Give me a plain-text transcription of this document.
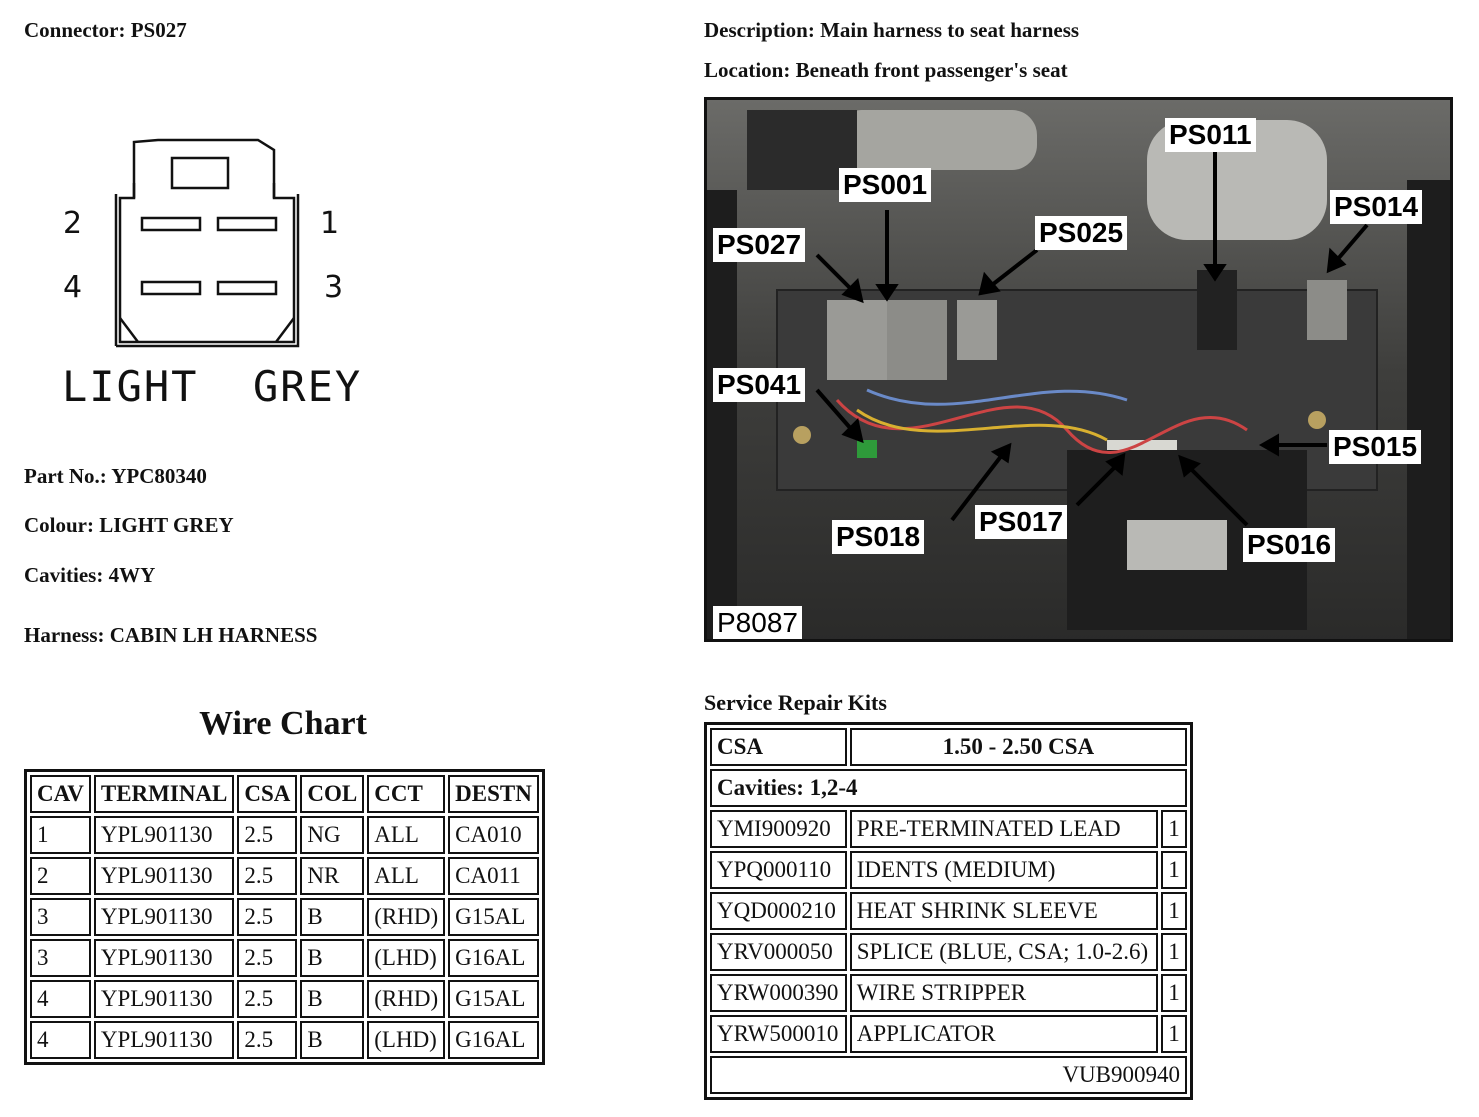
Connector: PS027	Description: Main harness to seat harness
Location: Beneath front passenger's seat
1
2
3
4
LIGHT  GREY
Part No.: YPC80340
Colour: LIGHT GREY
Cavities: 4WY
Harness: CABIN LH HARNESS
Wire Chart
CAV	TERMINAL	CSA	COL	CCT	DESTN
1	YPL901130	2.5	NG	ALL	CA010
2	YPL901130	2.5	NR	ALL	CA011
3	YPL901130	2.5	B	(RHD)	G15AL
3	YPL901130	2.5	B	(LHD)	G16AL
4	YPL901130	2.5	B	(RHD)	G15AL
4	YPL901130	2.5	B	(LHD)	G16AL
PS001
PS011
PS014
PS025
PS027
PS041
PS015
PS018 PS017
PS016
P8087
Service Repair Kits
CSA	1.50 - 2.50 CSA	
Cavities: 1,2-4		
YMI900920	PRE-TERMINATED LEAD	1
YPQ000110	IDENTS (MEDIUM)	1
YQD000210	HEAT SHRINK SLEEVE	1
YRV000050	SPLICE (BLUE, CSA; 1.0-2.6)	1
YRW000390	WIRE STRIPPER	1
YRW500010	APPLICATOR	1
VUB900940		
